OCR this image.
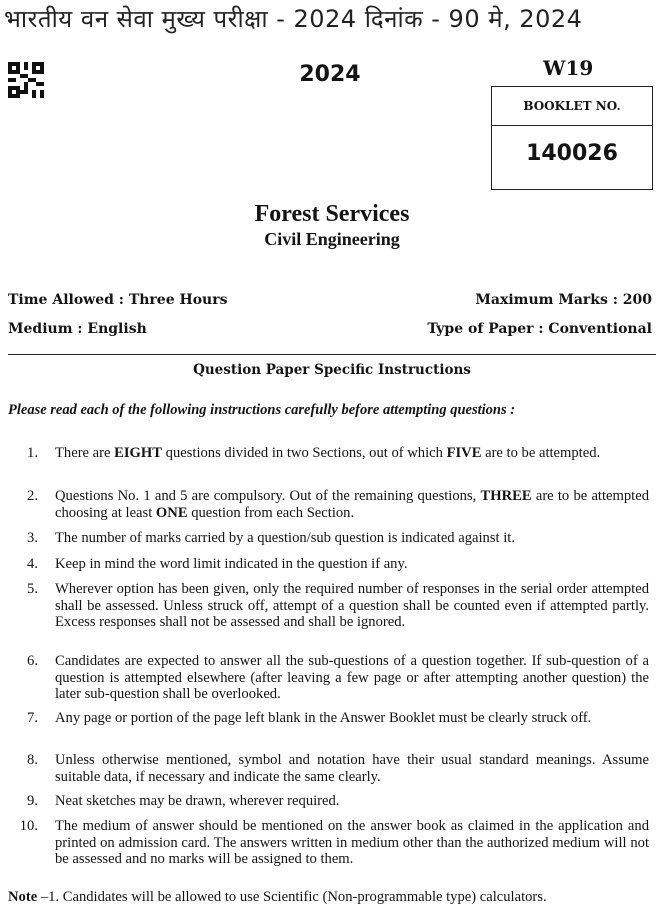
भारतीय वन सेवा मुख्य परीक्षा - 2024 दिनांक - 90 मे, 2024
2024	W19
BOOKLET NO.
140026
Forest Services
Civil Engineering
Time Allowed : Three Hours	Maximum Marks : 200
Medium : English	Type of Paper : Conventional
Question Paper Specific Instructions
Please read each of the following instructions carefully before attempting questions :
1. There are EIGHT questions divided in two Sections, out of which FIVE are to be attempted.
2. Questions No. 1 and 5 are compulsory. Out of the remaining questions, THREE are to be attempted choosing at least ONE question from each Section.
3. The number of marks carried by a question/sub question is indicated against it.
4. Keep in mind the word limit indicated in the question if any.
5. Wherever option has been given, only the required number of responses in the serial order attempted shall be assessed. Unless struck off, attempt of a question shall be counted even if attempted partly. Excess responses shall not be assessed and shall be ignored.
6. Candidates are expected to answer all the sub-questions of a question together. If sub-question of a question is attempted elsewhere (after leaving a few page or after attempting another question) the later sub-question shall be overlooked.
7. Any page or portion of the page left blank in the Answer Booklet must be clearly struck off.
8. Unless otherwise mentioned, symbol and notation have their usual standard meanings. Assume suitable data, if necessary and indicate the same clearly.
9. Neat sketches may be drawn, wherever required.
10. The medium of answer should be mentioned on the answer book as claimed in the application and printed on admission card. The answers written in medium other than the authorized medium will not be assessed and no marks will be assigned to them.
Note –1. Candidates will be allowed to use Scientific (Non-programmable type) calculators.
